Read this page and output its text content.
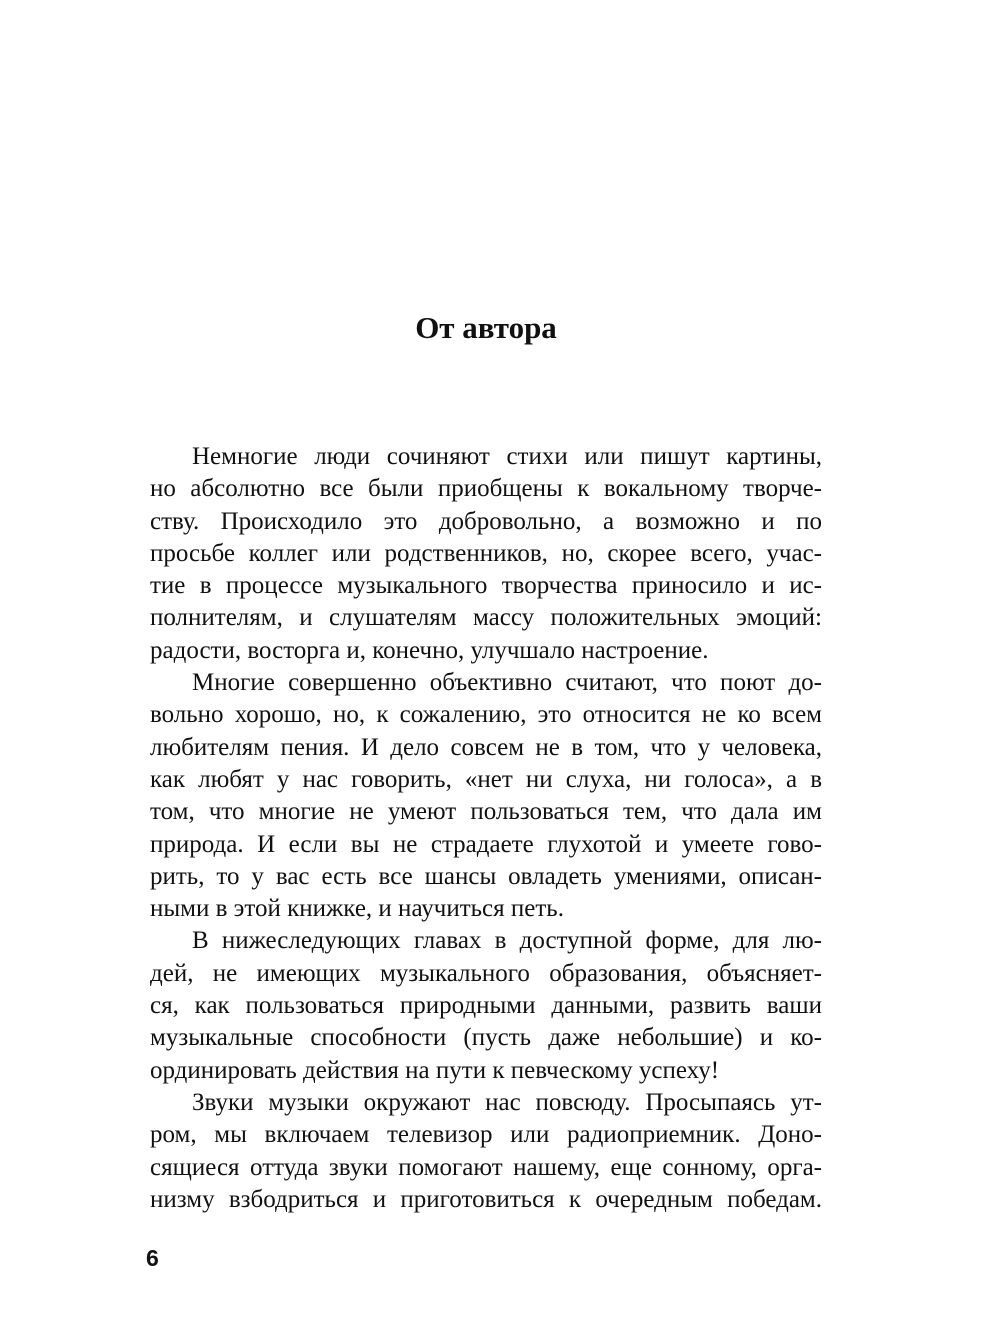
От автора
Немногие люди сочиняют стихи или пишут картины,
но абсолютно все были приобщены к вокальному творче-
ству. Происходило это добровольно, а возможно и по
просьбе коллег или родственников, но, скорее всего, учас-
тие в процессе музыкального творчества приносило и ис-
полнителям, и слушателям массу положительных эмоций:
радости, восторга и, конечно, улучшало настроение.
Многие совершенно объективно считают, что поют до-
вольно хорошо, но, к сожалению, это относится не ко всем
любителям пения. И дело совсем не в том, что у человека,
как любят у нас говорить, «нет ни слуха, ни голоса», а в
том, что многие не умеют пользоваться тем, что дала им
природа. И если вы не страдаете глухотой и умеете гово-
рить, то у вас есть все шансы овладеть умениями, описан-
ными в этой книжке, и научиться петь.
В нижеследующих главах в доступной форме, для лю-
дей, не имеющих музыкального образования, объясняет-
ся, как пользоваться природными данными, развить ваши
музыкальные способности (пусть даже небольшие) и ко-
ординировать действия на пути к певческому успеху!
Звуки музыки окружают нас повсюду. Просыпаясь ут-
ром, мы включаем телевизор или радиоприемник. Доно-
сящиеся оттуда звуки помогают нашему, еще сонному, орга-
низму взбодриться и приготовиться к очередным победам.
6
